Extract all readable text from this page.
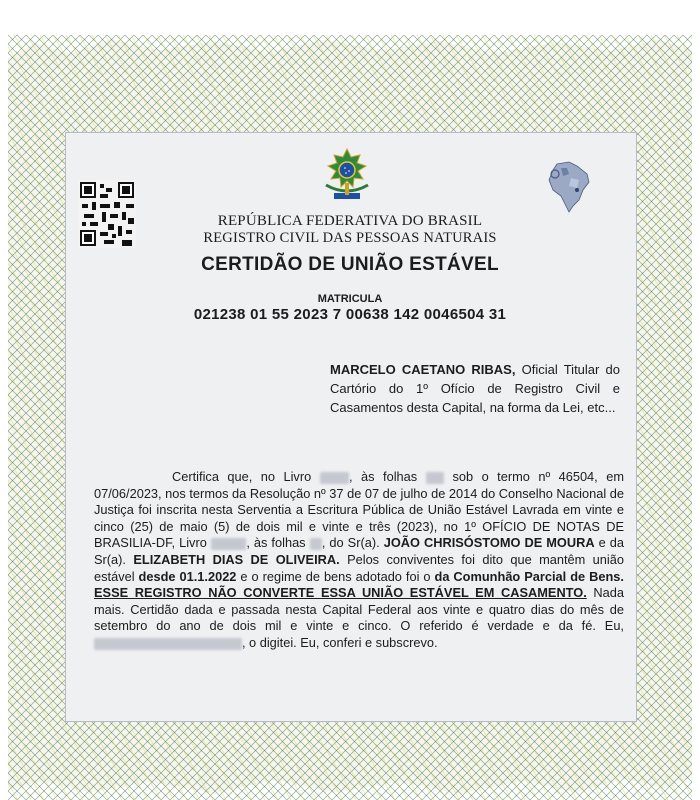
REPÚBLICA FEDERATIVA DO BRASIL
REGISTRO CIVIL DAS PESSOAS NATURAIS
CERTIDÃO DE UNIÃO ESTÁVEL
MATRICULA
021238 01 55 2023 7 00638 142 0046504 31
MARCELO CAETANO RIBAS, Oficial Titular do Cartório do 1º Ofício de Registro Civil e Casamentos desta Capital, na forma da Lei, etc...
Certifica que, no Livro E-002, às folhas 142 sob o termo nº 46504, em 07/06/2023, nos termos da Resolução nº 37 de 07 de julho de 2014 do Conselho Nacional de Justiça foi inscrita nesta Serventia a Escritura Pública de União Estável Lavrada em vinte e cinco (25) de maio (5) de dois mil e vinte e três (2023), no 1º OFÍCIO DE NOTAS DE BRASILIA-DF, Livro 0000-E, às folhas 28, do Sr(a). JOÃO CHRISÓSTOMO DE MOURA e da Sr(a). ELIZABETH DIAS DE OLIVEIRA. Pelos conviventes foi dito que mantêm união estável desde 01.1.2022 e o regime de bens adotado foi o da Comunhão Parcial de Bens. ESSE REGISTRO NÃO CONVERTE ESSA UNIÃO ESTÁVEL EM CASAMENTO. Nada mais. Certidão dada e passada nesta Capital Federal aos vinte e quatro dias do mês de setembro do ano de dois mil e vinte e cinco. O referido é verdade e da fé. Eu, ANDRE SOUZA DE ALMEIDA, o digitei. Eu, conferi e subscrevo.
